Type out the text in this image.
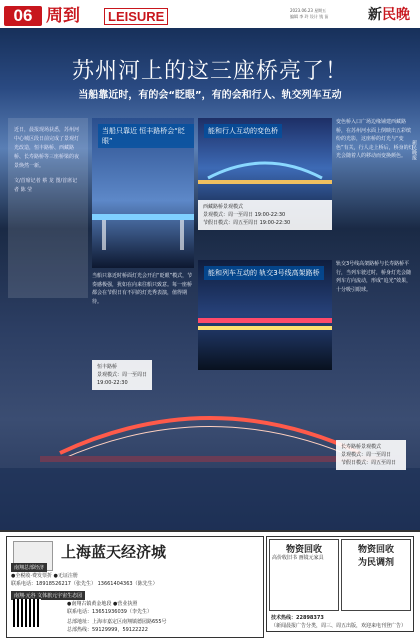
06 周到	LEISURE	2023.06.23 星期五
编辑 李 玲 设计 钱 苗	新民晚
苏州河上的这三座桥亮了！
当船靠近时，有的会“眨眼”，有的会和行人、轨交列车互动
近日，晨报现场获悉，苏州河中心城区段日前完成了景观灯光改造，恒丰路桥、西藏路桥、长寿路桥等三座桥梁的夜景焕然一新。
文/首席记者 蔡 龙 图/首席记者 陈 莹
当船只靠近 恒丰路桥会“眨眼”
能和行人互动的变色桥
西藏路桥景观模式
景观模式：周一至周日 19:00-22:30
节假日模式：周五至周日 19:00-22:30
能和列车互动的 轨交3号线高架路桥
变色桥入口广场边缘铺建西藏路桥，在苏州河水面上倒映出五彩缤纷的光影，这座桥的灯光与“变色”有关，行人走上桥后，桥身的灯光会随着人的移动而变换颜色。
当船只靠近时桥面灯光会开启“眨眼”模式，节奏感极强，犹如在向来往船只致意。每一座桥都会在节假日有不同的灯光秀表演，值得期待。
轨交3号线高架路桥与长寿路桥平行，当列车驶过时，桥身灯光会随列车方向流动，形成“追光”效果，十分吸引眼球。
恒丰路桥
景观模式：周一至周日 19:00-22:30
长寿路桥景观模式
景观模式：周一至周日
节假日模式：周五至周日
新民晚报
上海蓝天经济城
南翔总部经济
●全税收·费发票折 ●无证注册
联系电话：18918526217（张先生） 13661404363（陈先生）
南翔·元谷 文体旅元宇宙生态园
●南翔古镇黄金地段 ●营业执照
联系电话：13651936039（李先生）
总部地址：上海市嘉定区南翔镇德园路655号
总部热线：59129999，59122222
物资回收
高价收旧书 画镜元家具
物资回收
为民调剂
技术热线：22898373
（新闻晨报广告分类，周三、周五出版，欢迎来电刊登广告）
